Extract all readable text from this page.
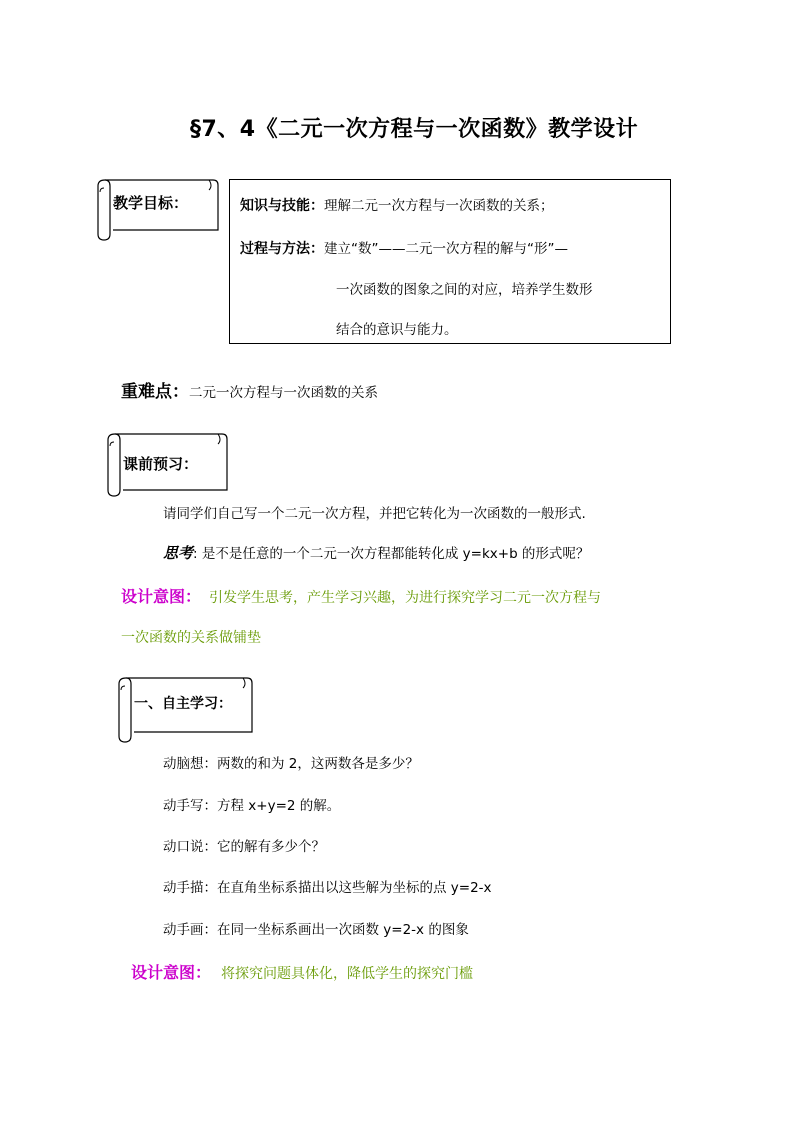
§7、4《二元一次方程与一次函数》教学设计
教学目标：	知识与技能：理解二元一次方程与一次函数的关系；
过程与方法：建立“数”——二元一次方程的解与“形”—
一次函数的图象之间的对应，培养学生数形
结合的意识与能力。
重难点：二元一次方程与一次函数的关系
课前预习：
请同学们自己写一个二元一次方程，并把它转化为一次函数的一般形式.
思考: 是不是任意的一个二元一次方程都能转化成 y=kx+b 的形式呢？
设计意图： 引发学生思考，产生学习兴趣，为进行探究学习二元一次方程与
一次函数的关系做铺垫
一、自主学习：
动脑想：两数的和为 2，这两数各是多少？
动手写：方程 x+y=2 的解。
动口说：它的解有多少个？
动手描：在直角坐标系描出以这些解为坐标的点 y=2-x
动手画：在同一坐标系画出一次函数 y=2-x 的图象
设计意图： 将探究问题具体化，降低学生的探究门槛
